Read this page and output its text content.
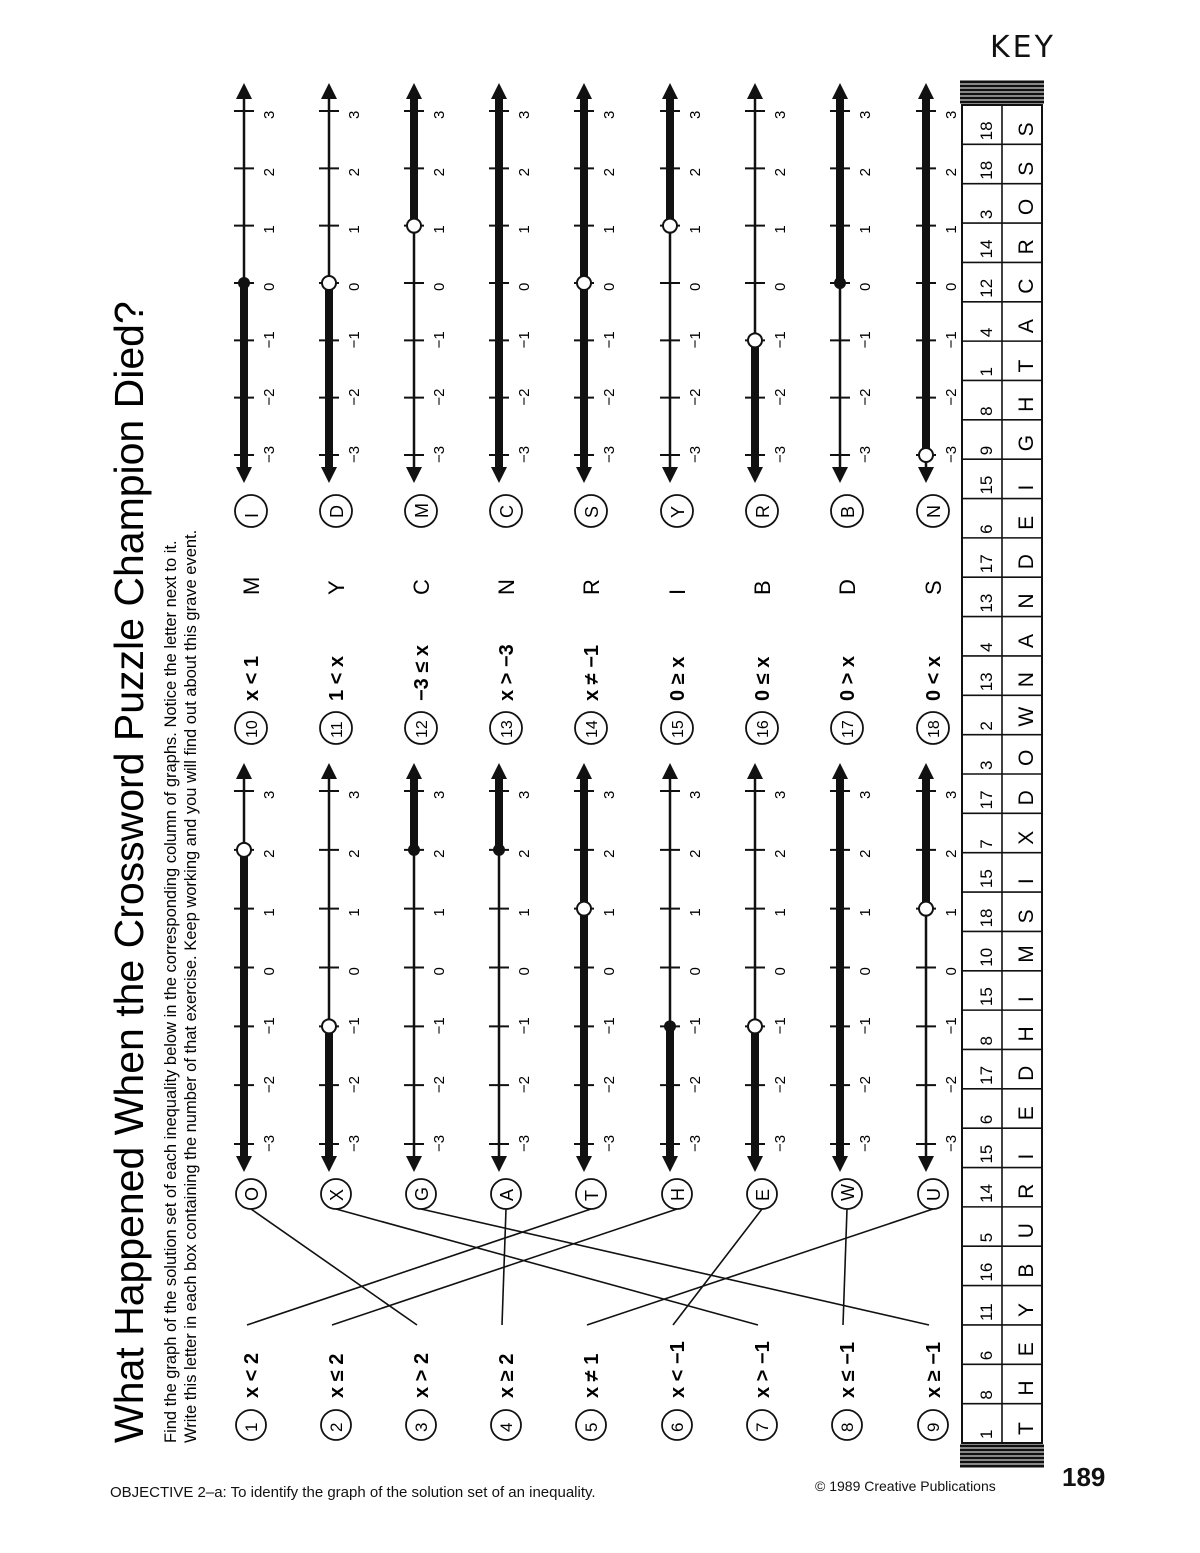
What Happened When the Crossword Puzzle Champion Died? Find the graph of the solution set of each inequality below in the corresponding column of graphs. Notice the letter next to it. Write this letter in each box containing the number of that exercise. Keep working and you will find out about this grave event. 1
x < 2
2
x ≤ 2
3
x > 2
4
x ≥ 2
5
x ≠ 1
6
x < −1
7
x > −1
8
x ≤ −1
9
x ≥ −1
O
−3
−2
−1
0
1
2
3
X
−3
−2
−1
0
1
2
3
G
−3
−2
−1
0
1
2
3
A
−3
−2
−1
0
1
2
3
T
−3
−2
−1
0
1
2
3
H
−3
−2
−1
0
1
2
3
E
−3
−2
−1
0
1
2
3
W
−3
−2
−1
0
1
2
3
U
−3
−2
−1
0
1
2
3
10
x < 1
M
11
1 < x
Y
12
−3 ≤ x
C
13
x > −3
N
14
x ≠ −1
R
15
0 ≥ x
I
16
0 ≤ x
B
17
0 > x
D
18
0 < x
S
I
−3
−2
−1
0
1
2
3
D
−3
−2
−1
0
1
2
3
M
−3
−2
−1
0
1
2
3
C
−3
−2
−1
0
1
2
3
S
−3
−2
−1
0
1
2
3
Y
−3
−2
−1
0
1
2
3
R
−3
−2
−1
0
1
2
3
B
−3
−2
−1
0
1
2
3
N
−3
−2
−1
0
1
2
3
1 T
8 H
6 E
11 Y
16 B
5 U
14 R
15 I
6 E
17 D
8 H
15 I
10 M
18 S
15 I
7 X
17 D
3 O
2 W
13 N
4 A
13 N
17 D
6 E
15 I
9 G
8 H
1 T
4 A
12 C
14 R
3 O
18 S
18 S
KEY
OBJECTIVE 2–a: To identify the graph of the solution set of an inequality.	© 1989 Creative Publications	189
